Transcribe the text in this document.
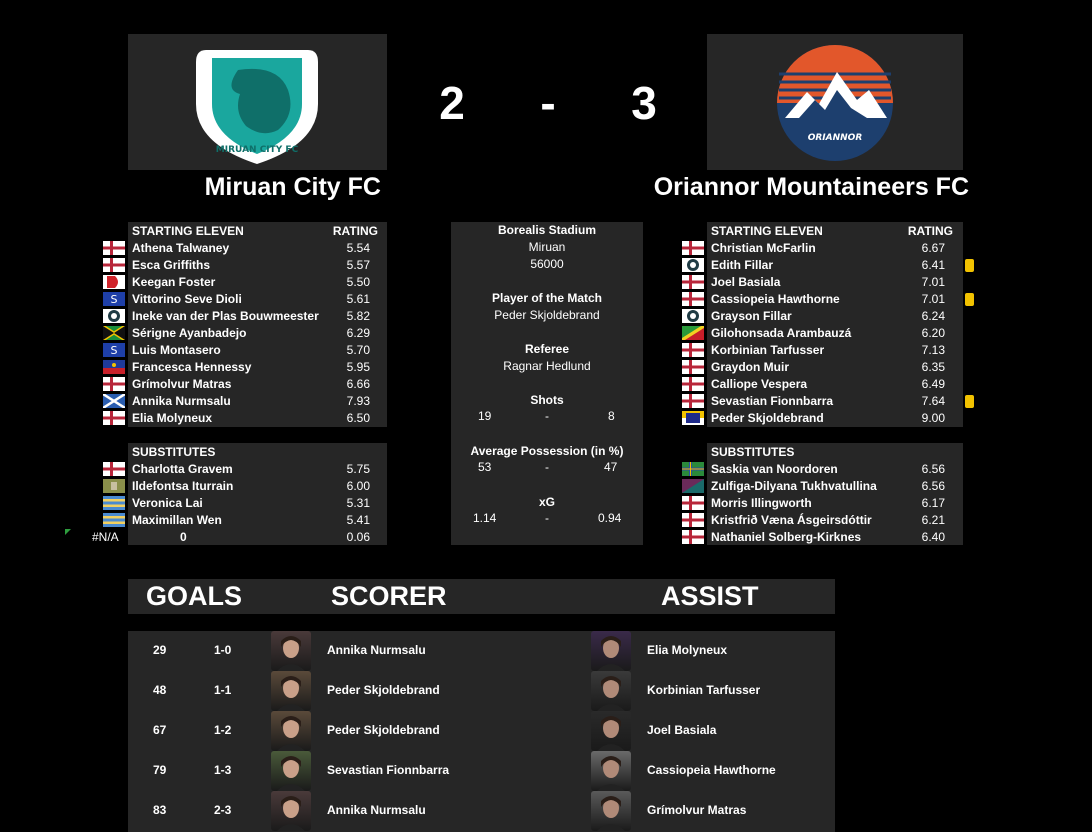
MIRUAN CITY FC
ORIANNOR
2	-	3
Miruan City FC	Oriannor Mountaineers FC
STARTING ELEVEN	RATING
Athena Talwaney	5.54
Esca Griffiths	5.57
Keegan Foster	5.50
S Vittorino Seve Dioli	5.61
Ineke van der Plas Bouwmeester 5.82
Sérigne Ayanbadejo	6.29
S Luis Montasero	5.70
Francesca Hennessy	5.95
Grímolvur Matras	6.66
Annika Nurmsalu	7.93
Elia Molyneux	6.50
SUBSTITUTES
Charlotta Gravem	5.75
Ildefontsa Iturrain	6.00
Veronica Lai	5.31
Maximillan Wen	5.41
#N/A	0	0.06
STARTING ELEVEN	RATING
Christian McFarlin	6.67
Edith Fillar	6.41
Joel Basiala	7.01
Cassiopeia Hawthorne	7.01
Grayson Fillar	6.24
Gilohonsada Arambauzá	6.20
Korbinian Tarfusser	7.13
Graydon Muir	6.35
Calliope Vespera	6.49
Sevastian Fionnbarra	7.64
Peder Skjoldebrand	9.00
SUBSTITUTES
Saskia van Noordoren	6.56
Zulfiga-Dilyana Tukhvatullina	6.56
Morris Illingworth	6.17
Kristfrið Væna Ásgeirsdóttir	6.21
Nathaniel Solberg-Kirknes	6.40
Borealis Stadium
Miruan
56000
Player of the Match
Peder Skjoldebrand
Referee
Ragnar Hedlund
Shots
19	-	8
Average Possession (in %)
53	-	47
xG
1.14	-	0.94
GOALS	SCORER	ASSIST
29	1-0	Annika Nurmsalu	Elia Molyneux
48	1-1	Peder Skjoldebrand	Korbinian Tarfusser
67	1-2	Peder Skjoldebrand	Joel Basiala
79	1-3	Sevastian Fionnbarra	Cassiopeia Hawthorne
83	2-3	Annika Nurmsalu	Grímolvur Matras
